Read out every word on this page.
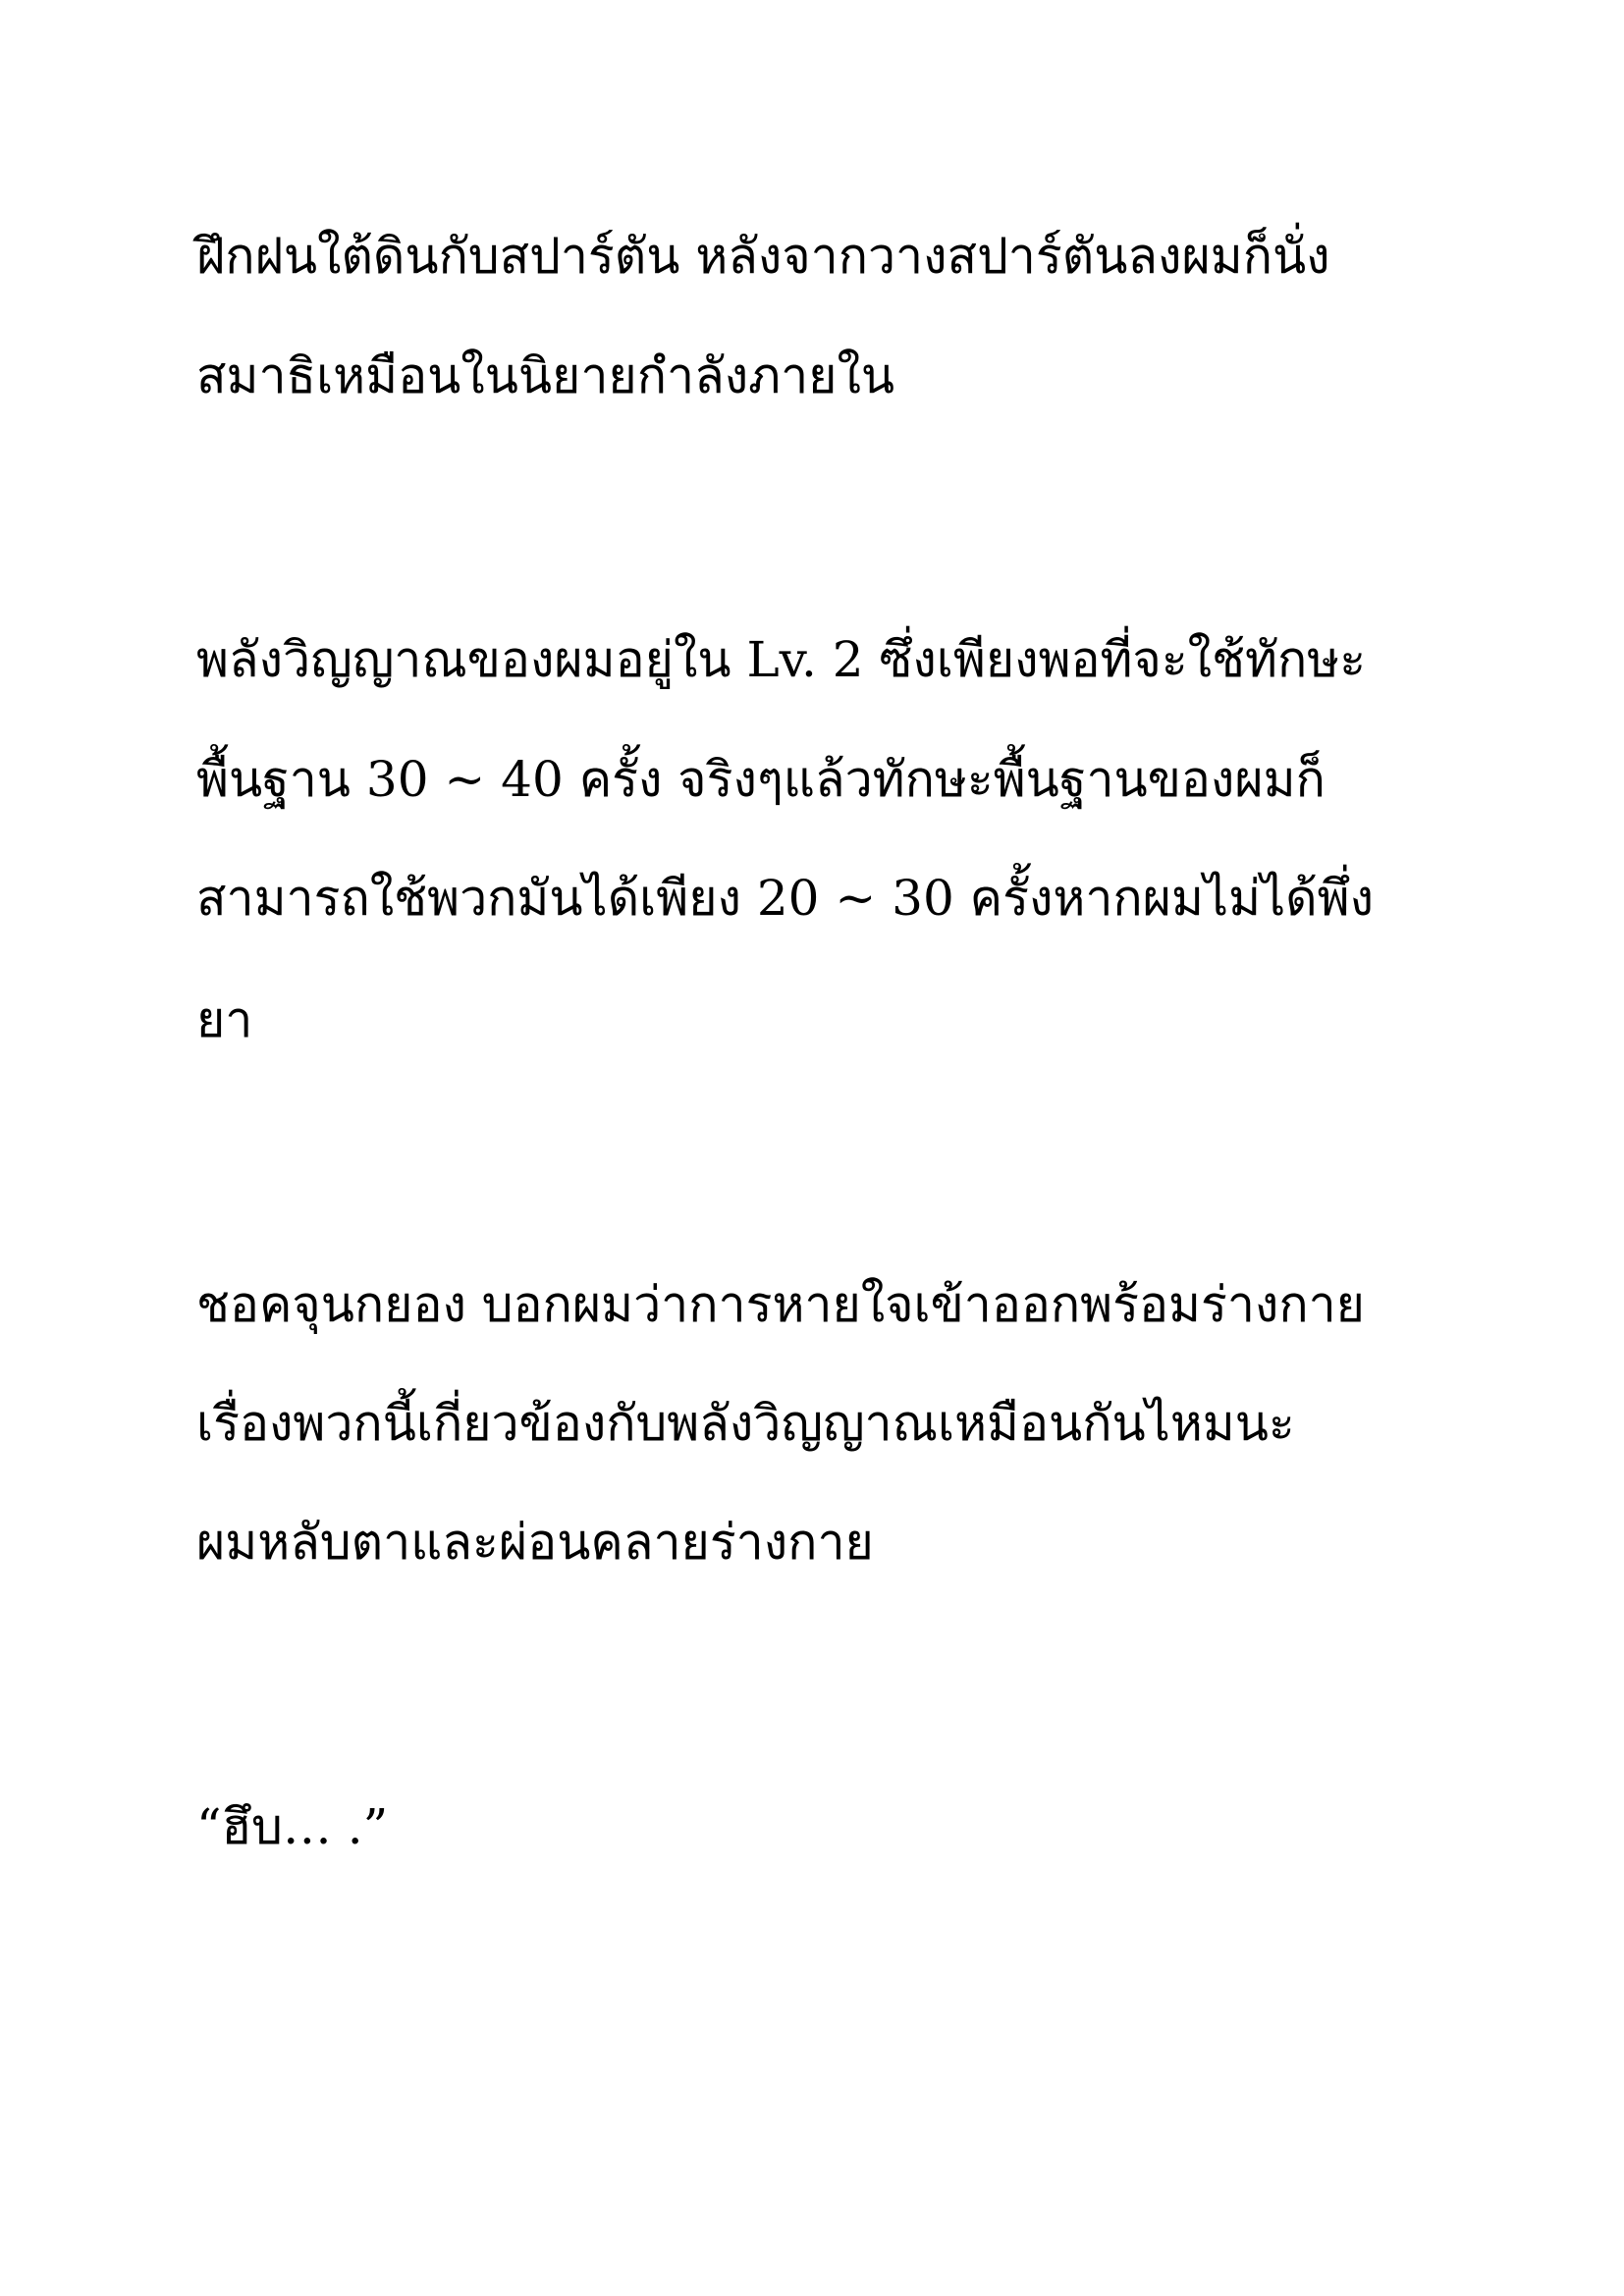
ฝึกฝนใต้ดินกับสปาร์ตัน หลังจากวางสปาร์ตันลงผมก็นั่ง
สมาธิเหมือนในนิยายกำลังภายใน
พลังวิญญาณของผมอยู่ใน Lv. 2 ซึ่งเพียงพอที่จะใช้ทักษะ
พื้นฐาน 30 ~ 40 ครั้ง จริงๆแล้วทักษะพื้นฐานของผมก็
สามารถใช้พวกมันได้เพียง 20 ~ 30 ครั้งหากผมไม่ได้พึ่ง
ยา
ชอคจุนกยอง บอกผมว่าการหายใจเข้าออกพร้อมร่างกาย
เรื่องพวกนี้เกี่ยวข้องกับพลังวิญญาณเหมือนกันไหมนะ
ผมหลับตาและผ่อนคลายร่างกาย
“ฮึบ… .”
